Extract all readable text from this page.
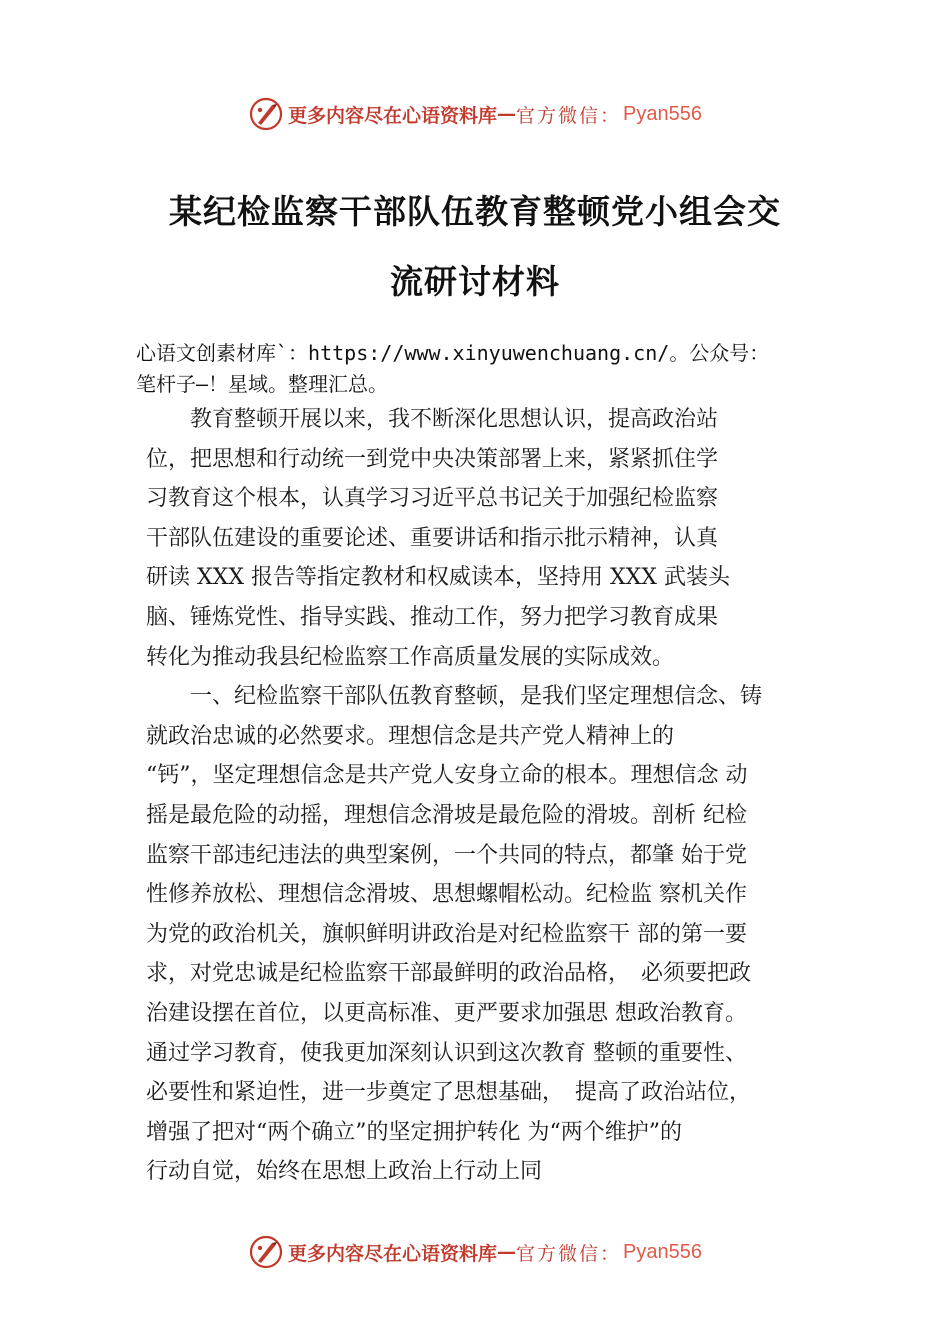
更多内容尽在心语资料库 — 官方微信： Pyan556
某纪检监察干部队伍教育整顿党小组会交
流研讨材料
心语文创素材库`：https://www.xinyuwenchuang.cn/。公众号：
笔杆子—！星域。整理汇总。
　　教育整顿开展以来，我不断深化思想认识，提高政治站
位，把思想和行动统一到党中央决策部署上来，紧紧抓住学
习教育这个根本，认真学习习近平总书记关于加强纪检监察
干部队伍建设的重要论述、重要讲话和指示批示精神，认真
研读 XXX 报告等指定教材和权威读本，坚持用 XXX 武装头
脑、锤炼党性、指导实践、推动工作，努力把学习教育成果
转化为推动我县纪检监察工作高质量发展的实际成效。
　　一、纪检监察干部队伍教育整顿，是我们坚定理想信念、铸
就政治忠诚的必然要求。理想信念是共产党人精神上的
“钙”，坚定理想信念是共产党人安身立命的根本。理想信念 动
摇是最危险的动摇，理想信念滑坡是最危险的滑坡。剖析 纪检
监察干部违纪违法的典型案例，一个共同的特点，都肇 始于党
性修养放松、理想信念滑坡、思想螺帽松动。纪检监 察机关作
为党的政治机关，旗帜鲜明讲政治是对纪检监察干 部的第一要
求，对党忠诚是纪检监察干部最鲜明的政治品格，　必须要把政
治建设摆在首位，以更高标准、更严要求加强思 想政治教育。
通过学习教育，使我更加深刻认识到这次教育 整顿的重要性、
必要性和紧迫性，进一步奠定了思想基础，　提高了政治站位，
增强了把对“两个确立”的坚定拥护转化 为“两个维护”的
行动自觉，始终在思想上政治上行动上同
更多内容尽在心语资料库 — 官方微信： Pyan556
